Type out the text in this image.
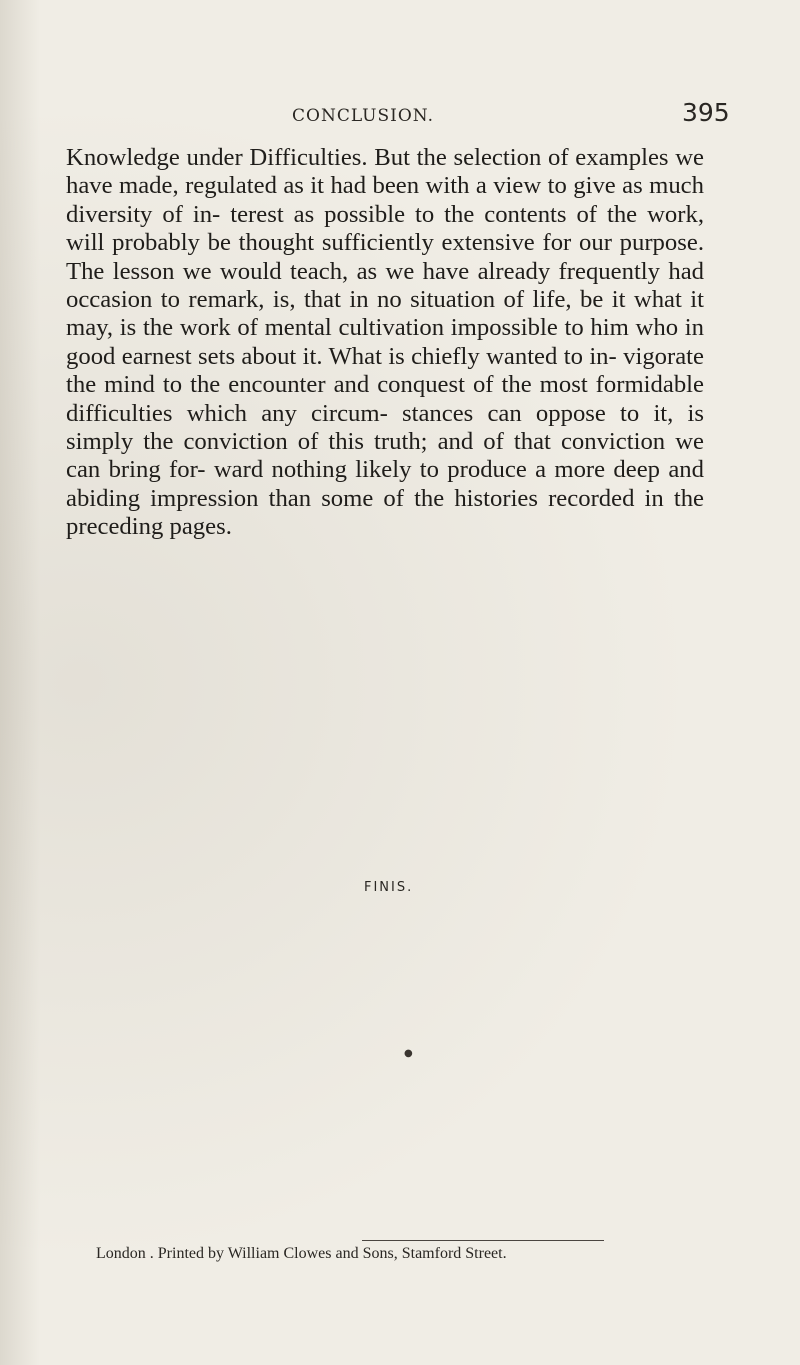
CONCLUSION.	395

Knowledge under Difficulties. But the selection of examples we have made, regulated as it had been with a view to give as much diversity of in- terest as possible to the contents of the work, will probably be thought sufficiently extensive for our purpose. The lesson we would teach, as we have already frequently had occasion to remark, is, that in no situation of life, be it what it may, is the work of mental cultivation impossible to him who in good earnest sets about it. What is chiefly wanted to in- vigorate the mind to the encounter and conquest of the most formidable difficulties which any circum- stances can oppose to it, is simply the conviction of this truth; and of that conviction we can bring for- ward nothing likely to produce a more deep and abiding impression than some of the histories recorded in the preceding pages.

FINIS.
●
London . Printed by William Clowes and Sons, Stamford Street.
